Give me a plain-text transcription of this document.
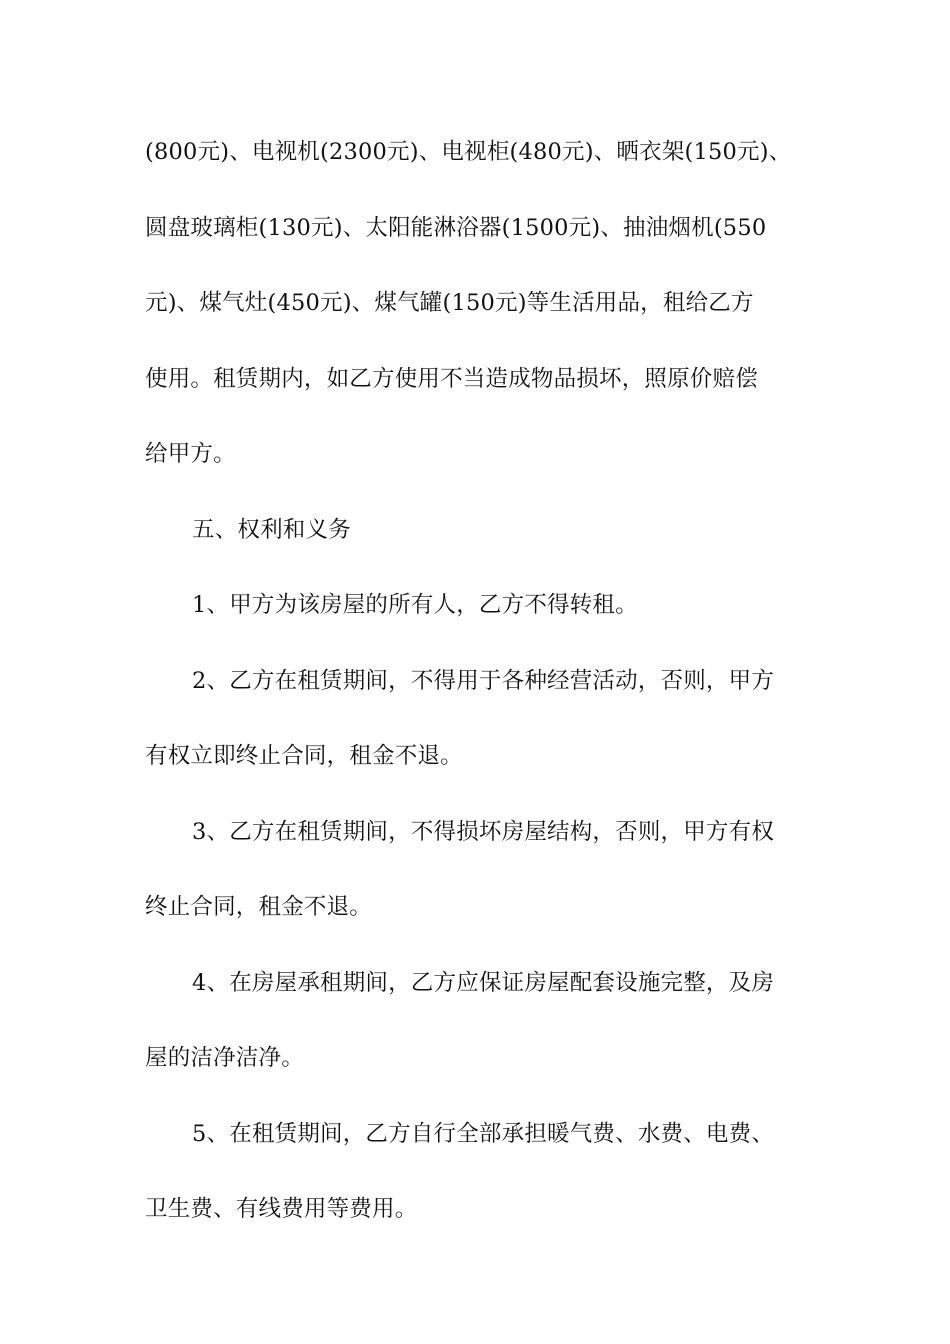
(800元)、电视机(2300元)、电视柜(480元)、晒衣架(150元)、
圆盘玻璃柜(130元)、太阳能淋浴器(1500元)、抽油烟机(550
元)、煤气灶(450元)、煤气罐(150元)等生活用品，租给乙方
使用。租赁期内，如乙方使用不当造成物品损坏，照原价赔偿
给甲方。
五、权利和义务
1、甲方为该房屋的所有人，乙方不得转租。
2、乙方在租赁期间，不得用于各种经营活动，否则，甲方
有权立即终止合同，租金不退。
3、乙方在租赁期间，不得损坏房屋结构，否则，甲方有权
终止合同，租金不退。
4、在房屋承租期间，乙方应保证房屋配套设施完整，及房
屋的洁净洁净。
5、在租赁期间，乙方自行全部承担暖气费、水费、电费、
卫生费、有线费用等费用。
